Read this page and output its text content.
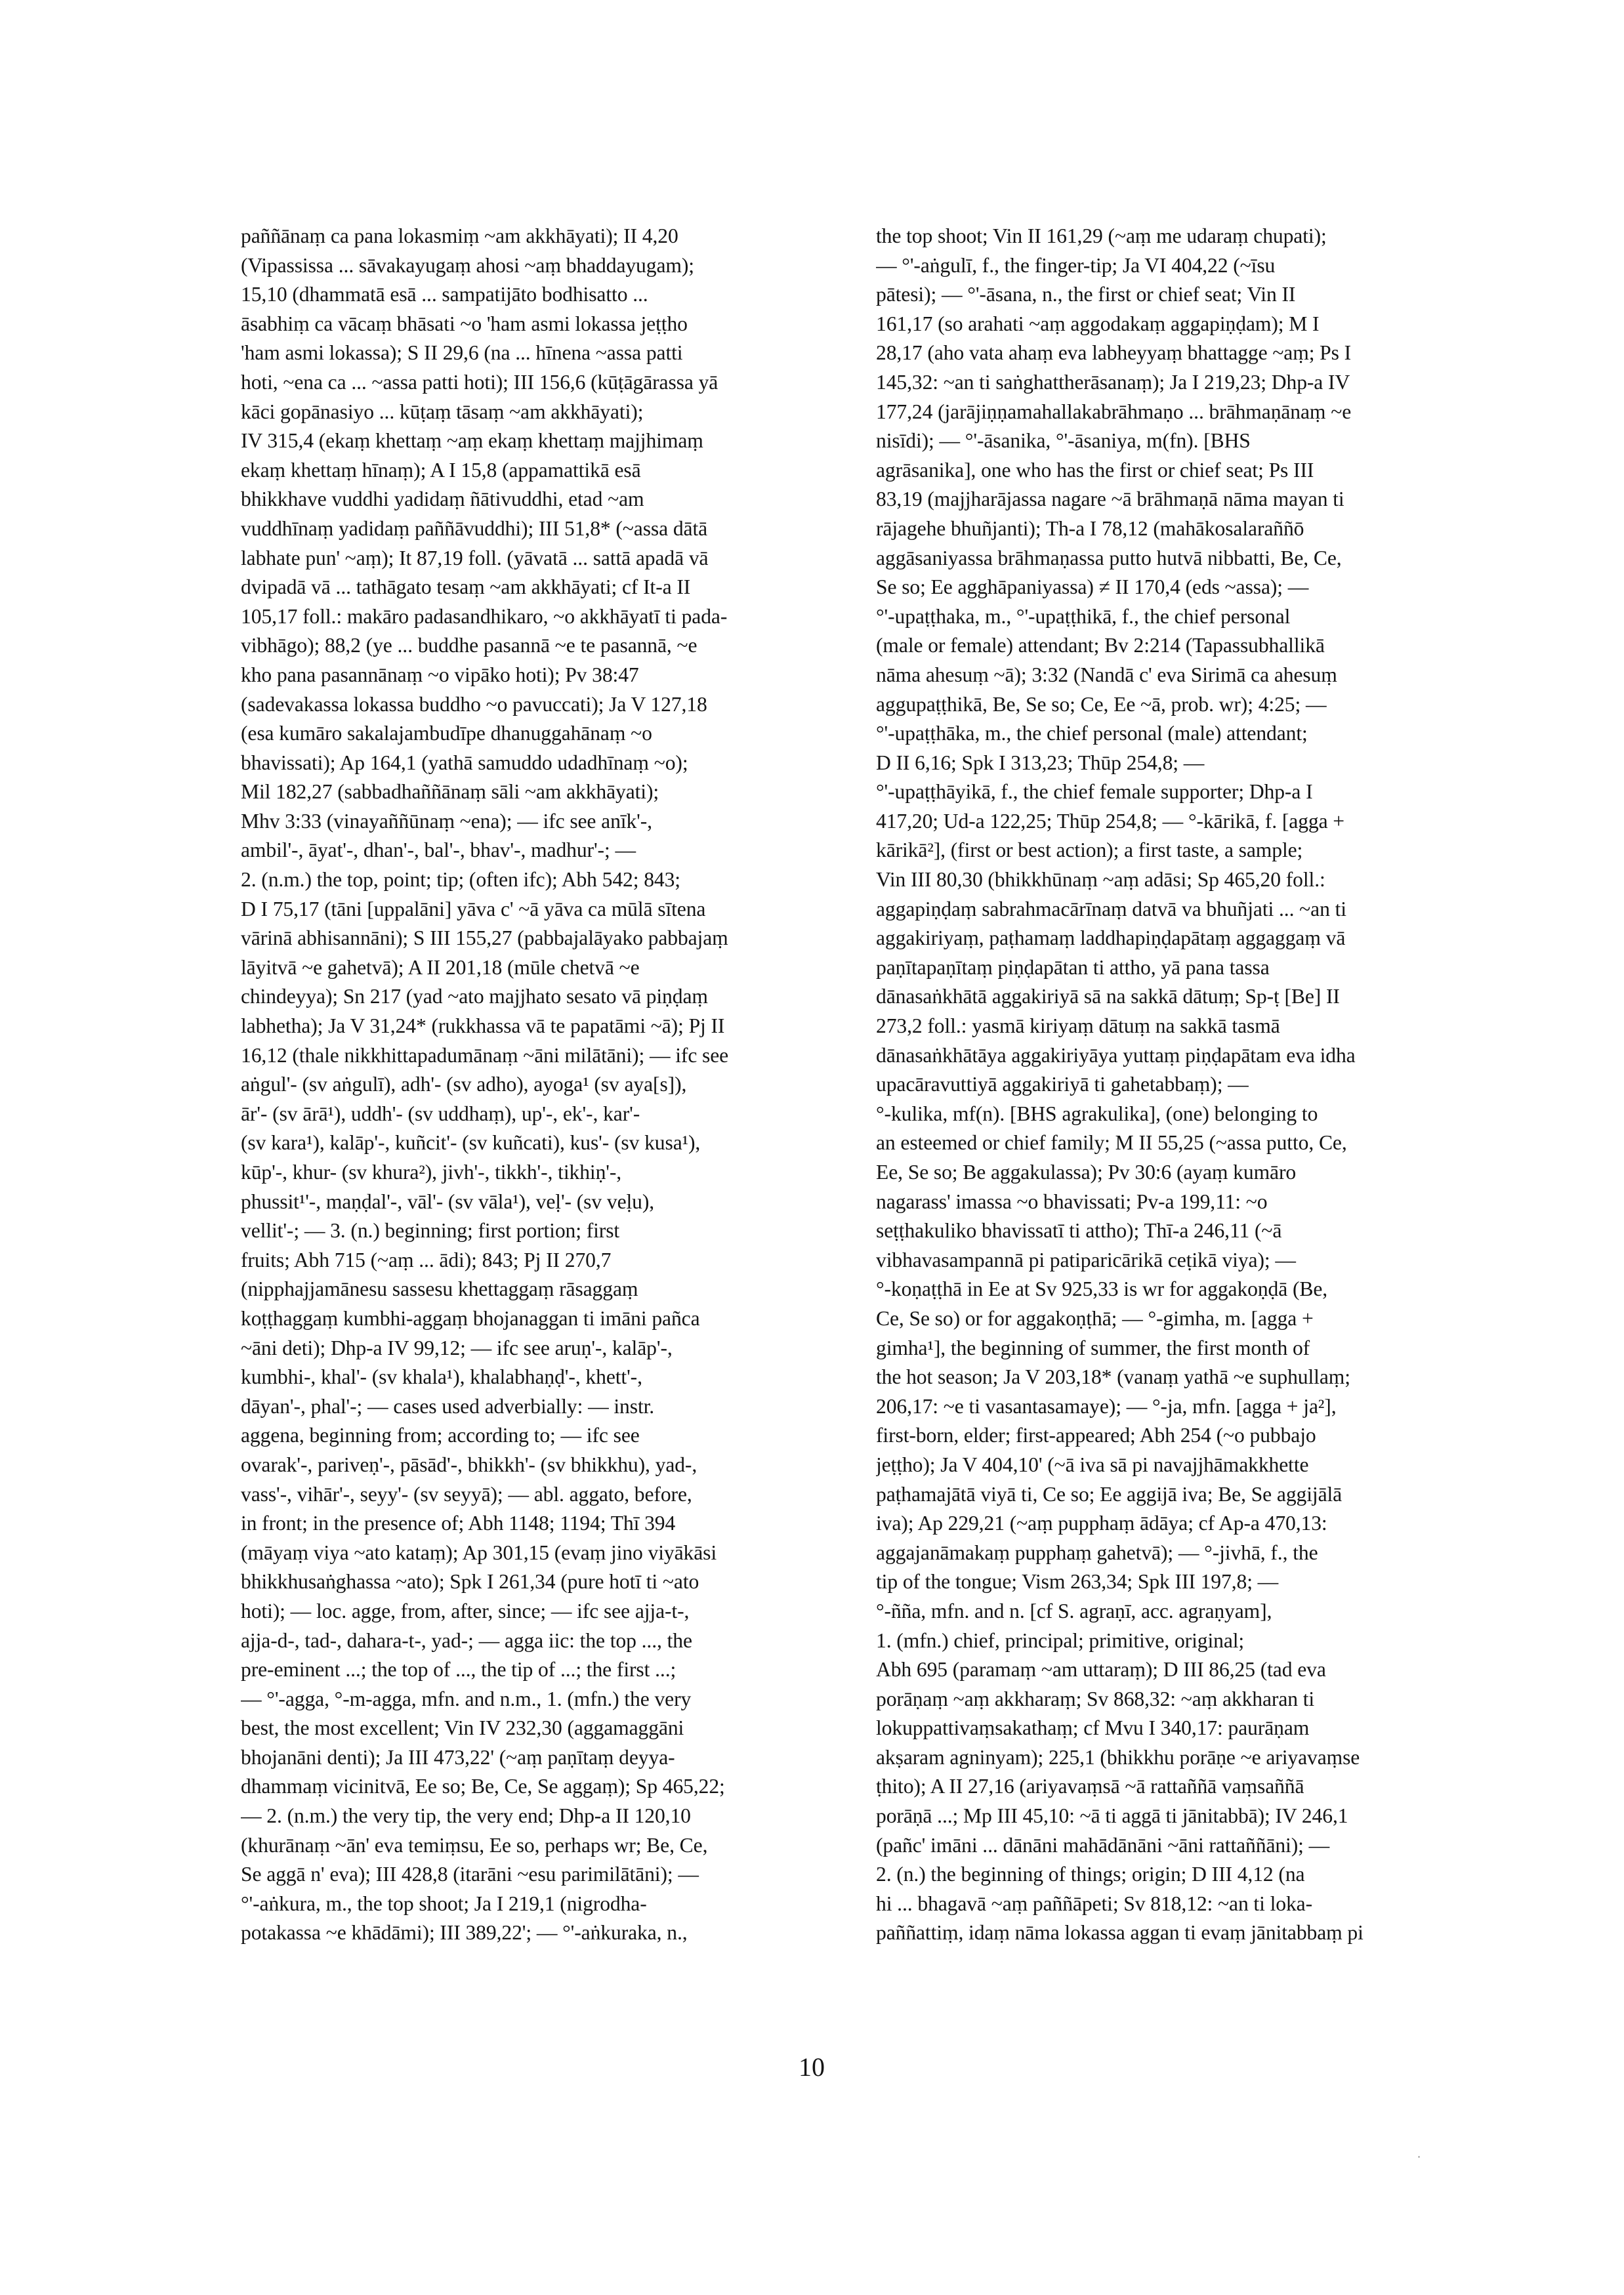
paññānaṃ ca pana lokasmiṃ ~am akkhāyati); II 4,20
(Vipassissa ... sāvakayugaṃ ahosi ~aṃ bhaddayugam);
15,10 (dhammatā esā ... sampatijāto bodhisatto ...
āsabhiṃ ca vācaṃ bhāsati ~o 'ham asmi lokassa jeṭṭho
'ham asmi lokassa); S II 29,6 (na ... hīnena ~assa patti
hoti, ~ena ca ... ~assa patti hoti); III 156,6 (kūṭāgārassa yā
kāci gopānasiyo ... kūṭaṃ tāsaṃ ~am akkhāyati);
IV 315,4 (ekaṃ khettaṃ ~aṃ ekaṃ khettaṃ majjhimaṃ
ekaṃ khettaṃ hīnaṃ); A I 15,8 (appamattikā esā
bhikkhave vuddhi yadidaṃ ñātivuddhi, etad ~am
vuddhīnaṃ yadidaṃ paññāvuddhi); III 51,8* (~assa dātā
labhate pun' ~aṃ); It 87,19 foll. (yāvatā ... sattā apadā vā
dvipadā vā ... tathāgato tesaṃ ~am akkhāyati; cf It-a II
105,17 foll.: makāro padasandhikaro, ~o akkhāyatī ti pada-
vibhāgo); 88,2 (ye ... buddhe pasannā ~e te pasannā, ~e
kho pana pasannānaṃ ~o vipāko hoti); Pv 38:47
(sadevakassa lokassa buddho ~o pavuccati); Ja V 127,18
(esa kumāro sakalajambudīpe dhanuggahānaṃ ~o
bhavissati); Ap 164,1 (yathā samuddo udadhīnaṃ ~o);
Mil 182,27 (sabbadhaññānaṃ sāli ~am akkhāyati);
Mhv 3:33 (vinayaññūnaṃ ~ena); — ifc see anīk'-,
ambil'-, āyat'-, dhan'-, bal'-, bhav'-, madhur'-; —
2. (n.m.) the top, point; tip; (often ifc); Abh 542; 843;
D I 75,17 (tāni [uppalāni] yāva c' ~ā yāva ca mūlā sītena
vārinā abhisannāni); S III 155,27 (pabbajalāyako pabbajaṃ
lāyitvā ~e gahetvā); A II 201,18 (mūle chetvā ~e
chindeyya); Sn 217 (yad ~ato majjhato sesato vā piṇḍaṃ
labhetha); Ja V 31,24* (rukkhassa vā te papatāmi ~ā); Pj II
16,12 (thale nikkhittapadumānaṃ ~āni milātāni); — ifc see
aṅgul'- (sv aṅgulī), adh'- (sv adho), ayoga¹ (sv aya[s]),
ār'- (sv ārā¹), uddh'- (sv uddhaṃ), up'-, ek'-, kar'-
(sv kara¹), kalāp'-, kuñcit'- (sv kuñcati), kus'- (sv kusa¹),
kūp'-, khur- (sv khura²), jivh'-, tikkh'-, tikhiṇ'-,
phussit¹'-, maṇḍal'-, vāl'- (sv vāla¹), veḷ'- (sv veḷu),
vellit'-; — 3. (n.) beginning; first portion; first
fruits; Abh 715 (~aṃ ... ādi); 843; Pj II 270,7
(nipphajjamānesu sassesu khettaggaṃ rāsaggaṃ
koṭṭhaggaṃ kumbhi-aggaṃ bhojanaggan ti imāni pañca
~āni deti); Dhp-a IV 99,12; — ifc see aruṇ'-, kalāp'-,
kumbhi-, khal'- (sv khala¹), khalabhaṇḍ'-, khett'-,
dāyan'-, phal'-; — cases used adverbially: — instr.
aggena, beginning from; according to; — ifc see
ovarak'-, pariveṇ'-, pāsād'-, bhikkh'- (sv bhikkhu), yad-,
vass'-, vihār'-, seyy'- (sv seyyā); — abl. aggato, before,
in front; in the presence of; Abh 1148; 1194; Thī 394
(māyaṃ viya ~ato kataṃ); Ap 301,15 (evaṃ jino viyākāsi
bhikkhusaṅghassa ~ato); Spk I 261,34 (pure hotī ti ~ato
hoti); — loc. agge, from, after, since; — ifc see ajja-t-,
ajja-d-, tad-, dahara-t-, yad-; — agga iic: the top ..., the
pre-eminent ...; the top of ..., the tip of ...; the first ...;
— °'-agga, °-m-agga, mfn. and n.m., 1. (mfn.) the very
best, the most excellent; Vin IV 232,30 (aggamaggāni
bhojanāni denti); Ja III 473,22' (~aṃ paṇītaṃ deyya-
dhammaṃ vicinitvā, Ee so; Be, Ce, Se aggaṃ); Sp 465,22;
— 2. (n.m.) the very tip, the very end; Dhp-a II 120,10
(khurānaṃ ~ān' eva temiṃsu, Ee so, perhaps wr; Be, Ce,
Se aggā n' eva); III 428,8 (itarāni ~esu parimilātāni); —
°'-aṅkura, m., the top shoot; Ja I 219,1 (nigrodha-
potakassa ~e khādāmi); III 389,22'; — °'-aṅkuraka, n.,
the top shoot; Vin II 161,29 (~aṃ me udaraṃ chupati);
— °'-aṅgulī, f., the finger-tip; Ja VI 404,22 (~īsu
pātesi); — °'-āsana, n., the first or chief seat; Vin II
161,17 (so arahati ~aṃ aggodakaṃ aggapiṇḍam); M I
28,17 (aho vata ahaṃ eva labheyyaṃ bhattagge ~aṃ; Ps I
145,32: ~an ti saṅghattherāsanaṃ); Ja I 219,23; Dhp-a IV
177,24 (jarājiṇṇamahallakabrāhmaṇo ... brāhmaṇānaṃ ~e
nisīdi); — °'-āsanika, °'-āsaniya, m(fn). [BHS
agrāsanika], one who has the first or chief seat; Ps III
83,19 (majjharājassa nagare ~ā brāhmaṇā nāma mayan ti
rājagehe bhuñjanti); Th-a I 78,12 (mahākosalaraññō
aggāsaniyassa brāhmaṇassa putto hutvā nibbatti, Be, Ce,
Se so; Ee agghāpaniyassa) ≠ II 170,4 (eds ~assa); —
°'-upaṭṭhaka, m., °'-upaṭṭhikā, f., the chief personal
(male or female) attendant; Bv 2:214 (Tapassubhallikā
nāma ahesuṃ ~ā); 3:32 (Nandā c' eva Sirimā ca ahesuṃ
aggupaṭṭhikā, Be, Se so; Ce, Ee ~ā, prob. wr); 4:25; —
°'-upaṭṭhāka, m., the chief personal (male) attendant;
D II 6,16; Spk I 313,23; Thūp 254,8; —
°'-upaṭṭhāyikā, f., the chief female supporter; Dhp-a I
417,20; Ud-a 122,25; Thūp 254,8; — °-kārikā, f. [agga +
kārikā²], (first or best action); a first taste, a sample;
Vin III 80,30 (bhikkhūnaṃ ~aṃ adāsi; Sp 465,20 foll.:
aggapiṇḍaṃ sabrahmacārīnaṃ datvā va bhuñjati ... ~an ti
aggakiriyaṃ, paṭhamaṃ laddhapiṇḍapātaṃ aggaggaṃ vā
paṇītapaṇītaṃ piṇḍapātan ti attho, yā pana tassa
dānasaṅkhātā aggakiriyā sā na sakkā dātuṃ; Sp-ṭ [Be] II
273,2 foll.: yasmā kiriyaṃ dātuṃ na sakkā tasmā
dānasaṅkhātāya aggakiriyāya yuttaṃ piṇḍapātam eva idha
upacāravuttiyā aggakiriyā ti gahetabbaṃ); —
°-kulika, mf(n). [BHS agrakulika], (one) belonging to
an esteemed or chief family; M II 55,25 (~assa putto, Ce,
Ee, Se so; Be aggakulassa); Pv 30:6 (ayaṃ kumāro
nagarass' imassa ~o bhavissati; Pv-a 199,11: ~o
seṭṭhakuliko bhavissatī ti attho); Thī-a 246,11 (~ā
vibhavasampannā pi patiparicārikā ceṭikā viya); —
°-koṇaṭṭhā in Ee at Sv 925,33 is wr for aggakoṇḍā (Be,
Ce, Se so) or for aggakoṇṭhā; — °-gimha, m. [agga +
gimha¹], the beginning of summer, the first month of
the hot season; Ja V 203,18* (vanaṃ yathā ~e suphullaṃ;
206,17: ~e ti vasantasamaye); — °-ja, mfn. [agga + ja²],
first-born, elder; first-appeared; Abh 254 (~o pubbajo
jeṭṭho); Ja V 404,10' (~ā iva sā pi navajjhāmakkhette
paṭhamajātā viyā ti, Ce so; Ee aggijā iva; Be, Se aggijālā
iva); Ap 229,21 (~aṃ pupphaṃ ādāya; cf Ap-a 470,13:
aggajanāmakaṃ pupphaṃ gahetvā); — °-jivhā, f., the
tip of the tongue; Vism 263,34; Spk III 197,8; —
°-ñña, mfn. and n. [cf S. agraṇī, acc. agraṇyam],
1. (mfn.) chief, principal; primitive, original;
Abh 695 (paramaṃ ~am uttaraṃ); D III 86,25 (tad eva
porāṇaṃ ~aṃ akkharaṃ; Sv 868,32: ~aṃ akkharan ti
lokuppattivaṃsakathaṃ; cf Mvu I 340,17: paurāṇam
akṣaram agninyam); 225,1 (bhikkhu porāṇe ~e ariyavaṃse
ṭhito); A II 27,16 (ariyavaṃsā ~ā rattaññā vaṃsaññā
porāṇā ...; Mp III 45,10: ~ā ti aggā ti jānitabbā); IV 246,1
(pañc' imāni ... dānāni mahādānāni ~āni rattaññāni); —
2. (n.) the beginning of things; origin; D III 4,12 (na
hi ... bhagavā ~aṃ paññāpeti; Sv 818,12: ~an ti loka-
paññattiṃ, idaṃ nāma lokassa aggan ti evaṃ jānitabbaṃ pi
10
·
